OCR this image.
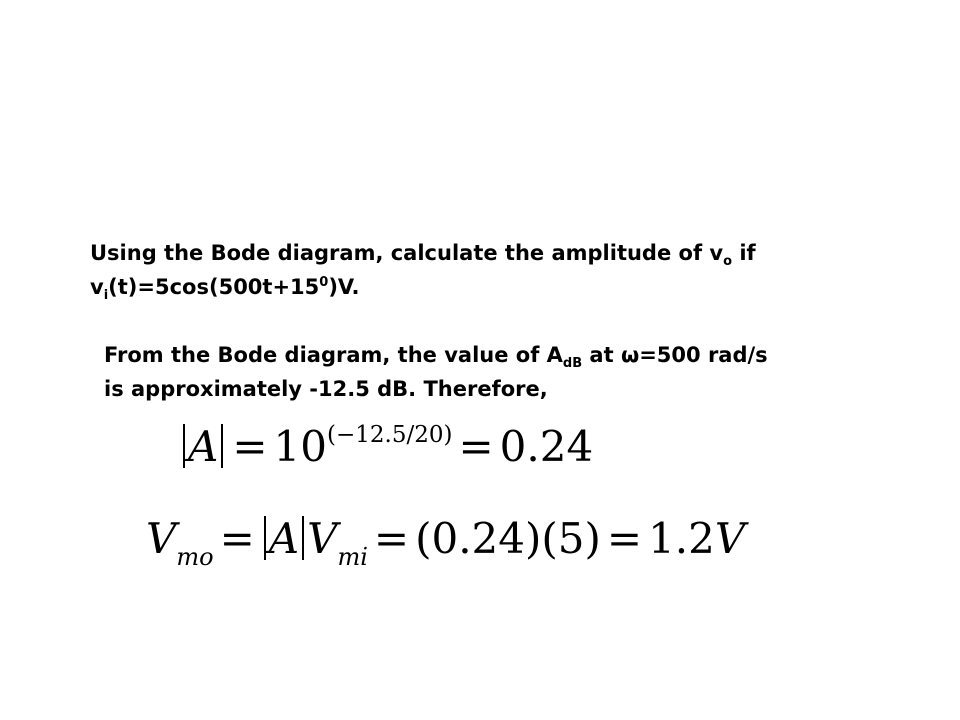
Using the Bode diagram, calculate the amplitude of $v_o$ if
$v_i(t)=5\cos(500t+15^0)V$.
From the Bode diagram, the value of $A_{dB}$ at ω=500 rad/s
is approximately -12.5 dB. Therefore,
$A = 10^{(-12.5/20)} = 0.24$
$V_{mo} = A$ $V_{mi} = (0.24)(5) = 1.2V$
